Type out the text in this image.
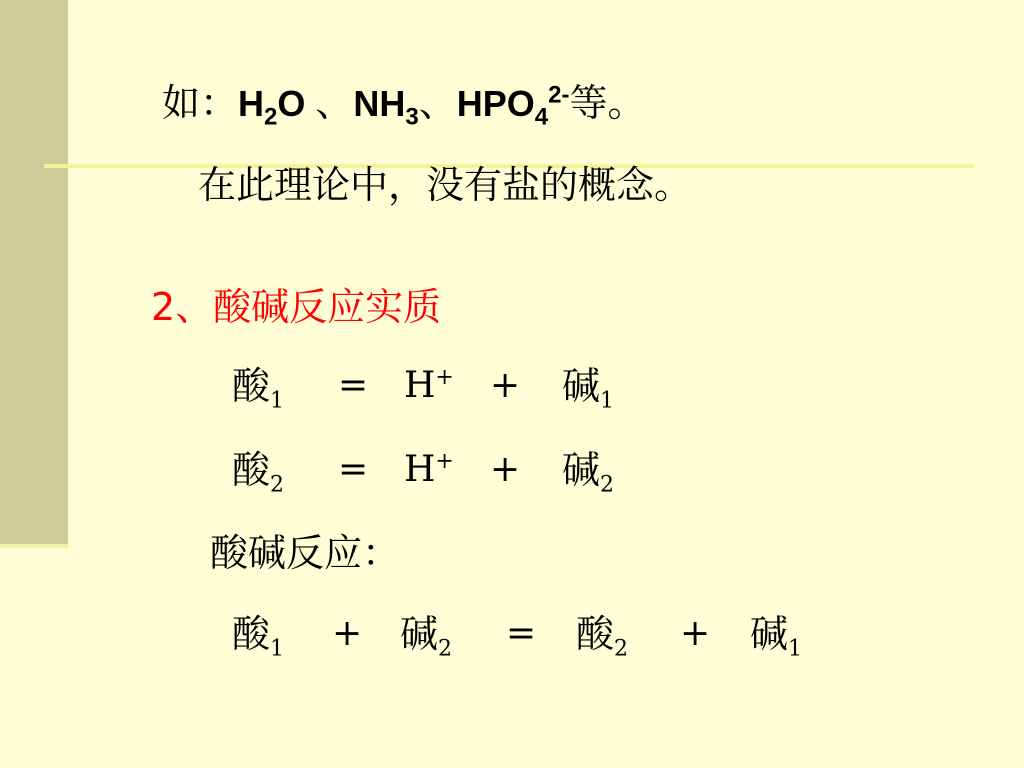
如：$H_2O$ 、$NH_3$、$HPO_4^{2-}$等。
在此理论中，没有盐的概念。
2、酸碱反应实质
酸$_1$ = H+ + 碱$_1$
酸$_2$ = H+ + 碱$_2$
酸碱反应：
酸$_1$ + 碱$_2$ = 酸$_2$ + 碱$_1$
